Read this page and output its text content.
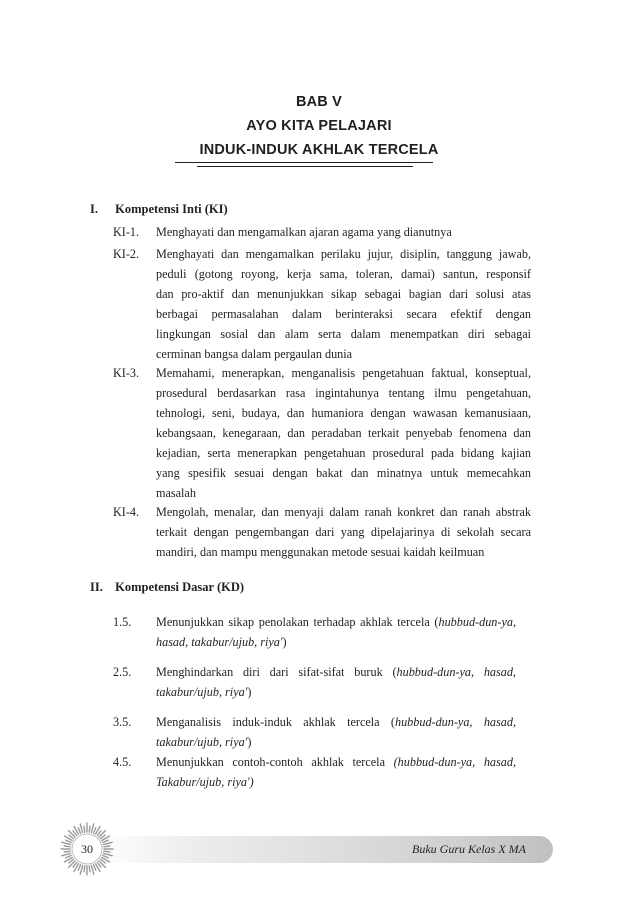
BAB V
AYO KITA PELAJARI
INDUK-INDUK AKHLAK TERCELA
I. Kompetensi Inti (KI)
KI-1. Menghayati dan mengamalkan ajaran agama yang dianutnya
KI-2. Menghayati dan mengamalkan perilaku jujur, disiplin, tanggung jawab,
peduli (gotong royong, kerja sama, toleran, damai) santun, responsif
dan pro-aktif dan menunjukkan sikap sebagai bagian dari solusi atas
berbagai permasalahan dalam berinteraksi secara efektif dengan
lingkungan sosial dan alam serta dalam menempatkan diri sebagai
cerminan bangsa dalam pergaulan dunia
KI-3. Memahami, menerapkan, menganalisis pengetahuan faktual, konseptual,
prosedural berdasarkan rasa ingintahunya tentang ilmu pengetahuan,
tehnologi, seni, budaya, dan humaniora dengan wawasan kemanusiaan,
kebangsaan, kenegaraan, dan peradaban terkait penyebab fenomena dan
kejadian, serta menerapkan pengetahuan prosedural pada bidang kajian
yang spesifik sesuai dengan bakat dan minatnya untuk memecahkan
masalah
KI-4. Mengolah, menalar, dan menyaji dalam ranah konkret dan ranah abstrak
terkait dengan pengembangan dari yang dipelajarinya di sekolah secara
mandiri, dan mampu menggunakan metode sesuai kaidah keilmuan
II. Kompetensi Dasar (KD)
1.5. Menunjukkan sikap penolakan terhadap akhlak tercela (hubbud-dun-ya, hasad, takabur/ujub, riya')
2.5. Menghindarkan diri dari sifat-sifat buruk (hubbud-dun-ya, hasad, takabur/ujub, riya')
3.5. Menganalisis induk-induk akhlak tercela (hubbud-dun-ya, hasad, takabur/ujub, riya')
4.5. Menunjukkan contoh-contoh akhlak tercela (hubbud-dun-ya, hasad, Takabur/ujub, riya')
Buku Guru Kelas X MA
30
